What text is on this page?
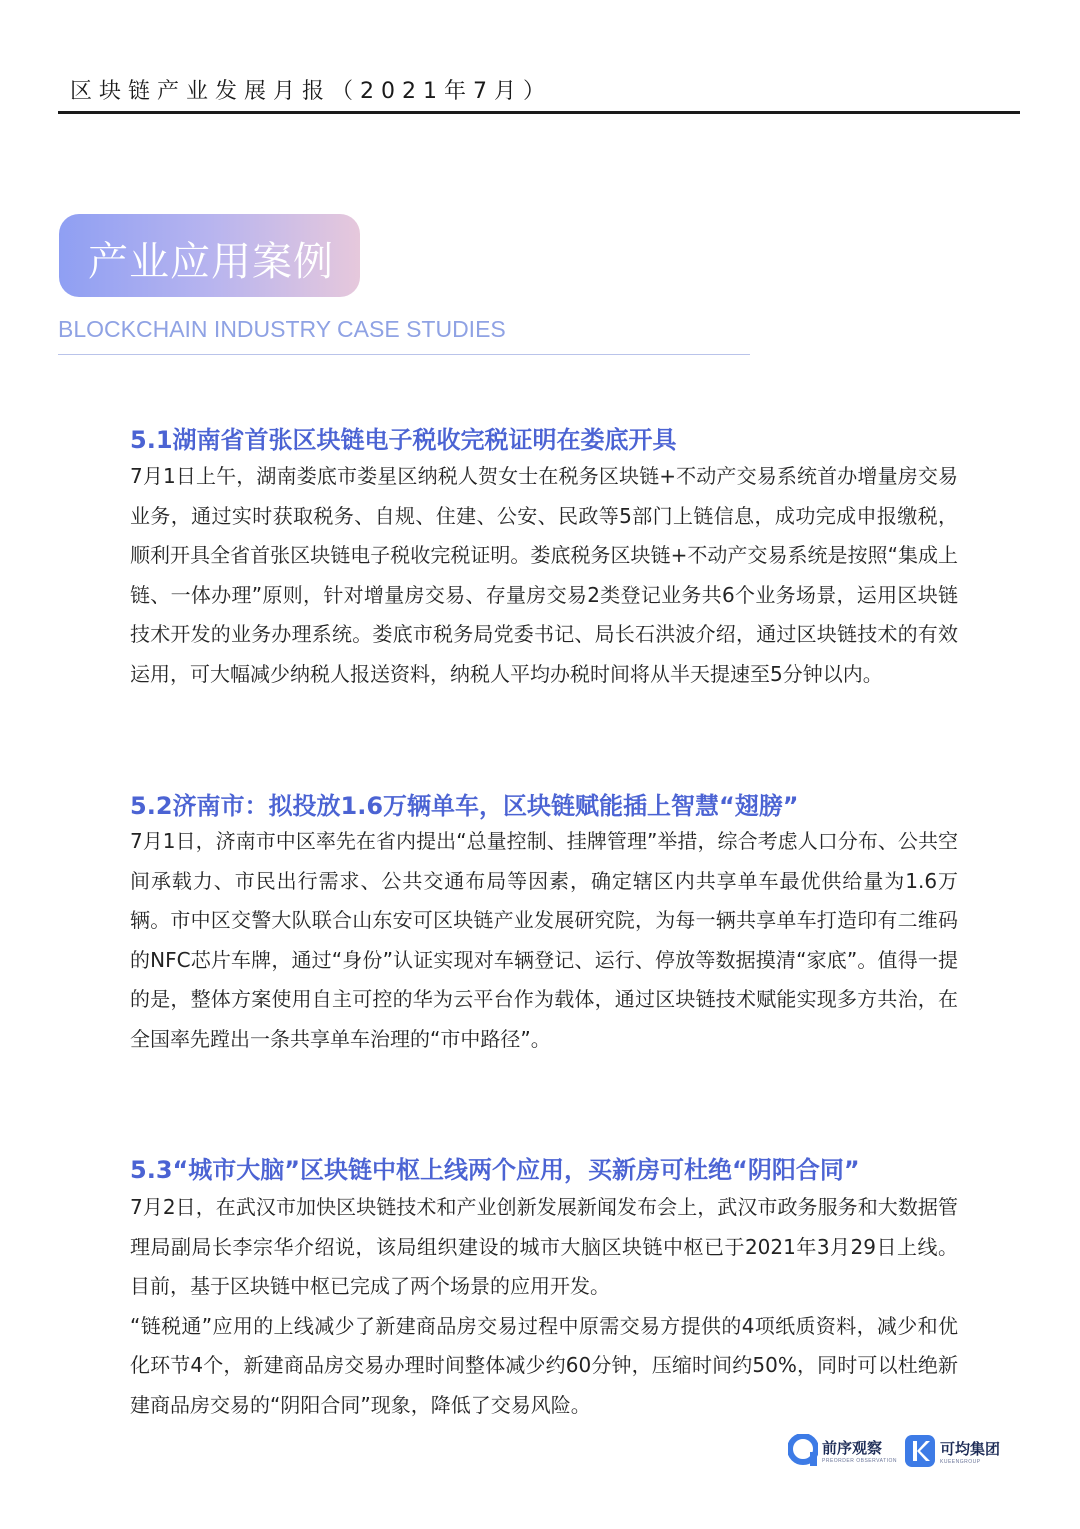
区块链产业发展月报（2021年7月）
产业应用案例
BLOCKCHAIN INDUSTRY CASE STUDIES
5.1湖南省首张区块链电子税收完税证明在娄底开具

7月1日上午，湖南娄底市娄星区纳税人贺女士在税务区块链+不动产交易系统首办增量房交易业务，通过实时获取税务、自规、住建、公安、民政等5部门上链信息，成功完成申报缴税，顺利开具全省首张区块链电子税收完税证明。娄底税务区块链+不动产交易系统是按照“集成上链、一体办理”原则，针对增量房交易、存量房交易2类登记业务共6个业务场景，运用区块链技术开发的业务办理系统。娄底市税务局党委书记、局长石洪波介绍，通过区块链技术的有效运用，可大幅减少纳税人报送资料，纳税人平均办税时间将从半天提速至5分钟以内。

5.2济南市：拟投放1.6万辆单车，区块链赋能插上智慧“翅膀”

7月1日，济南市中区率先在省内提出“总量控制、挂牌管理”举措，综合考虑人口分布、公共空间承载力、市民出行需求、公共交通布局等因素，确定辖区内共享单车最优供给量为1.6万辆。市中区交警大队联合山东安可区块链产业发展研究院，为每一辆共享单车打造印有二维码的NFC芯片车牌，通过“身份”认证实现对车辆登记、运行、停放等数据摸清“家底”。值得一提的是，整体方案使用自主可控的华为云平台作为载体，通过区块链技术赋能实现多方共治，在全国率先蹚出一条共享单车治理的“市中路径”。

5.3“城市大脑”区块链中枢上线两个应用，买新房可杜绝“阴阳合同”

7月2日，在武汉市加快区块链技术和产业创新发展新闻发布会上，武汉市政务服务和大数据管理局副局长李宗华介绍说，该局组织建设的城市大脑区块链中枢已于2021年3月29日上线。目前，基于区块链中枢已完成了两个场景的应用开发。

“链税通”应用的上线减少了新建商品房交易过程中原需交易方提供的4项纸质资料，减少和优化环节4个，新建商品房交易办理时间整体减少约60分钟，压缩时间约50%，同时可以杜绝新建商品房交易的“阴阳合同”现象，降低了交易风险。

前序观察
PREORDER OBSERVATION
可均集团
KUEENGROUP
